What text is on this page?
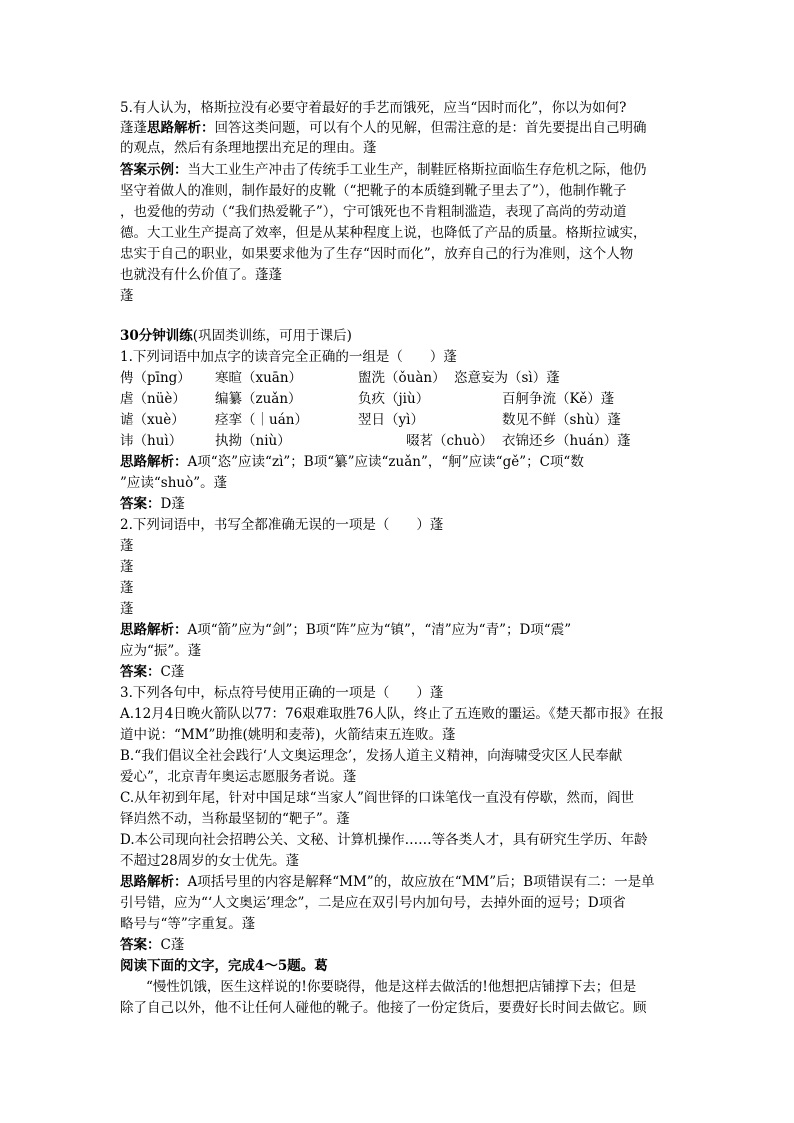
5.有人认为，格斯拉没有必要守着最好的手艺而饿死，应当“因时而化”，你以为如何?
蓬蓬思路解析：回答这类问题，可以有个人的见解，但需注意的是：首先要提出自己明确
的观点，然后有条理地摆出充足的理由。蓬
答案示例：当大工业生产冲击了传统手工业生产，制鞋匠格斯拉面临生存危机之际，他仍
坚守着做人的准则，制作最好的皮靴（“把靴子的本质缝到靴子里去了”），他制作靴子
，也爱他的劳动（“我们热爱靴子”），宁可饿死也不肯粗制滥造，表现了高尚的劳动道
德。大工业生产提高了效率，但是从某种程度上说，也降低了产品的质量。格斯拉诚实，
忠实于自己的职业，如果要求他为了生存“因时而化”，放弃自己的行为准则，这个人物
也就没有什么价值了。蓬蓬
蓬
30分钟训练(巩固类训练，可用于课后)
1.下列词语中加点字的读音完全正确的一组是（　　）蓬
俜（pīng） 寒暄（xuān）	盥洗（ǒuàn） 恣意妄为（sì）蓬
虐（nüè） 编纂（zuǎn）	负疚（jiù）	百舸争流（Kě）蓬
谑（xuè） 痉挛（｜uán）	翌日（yì）	数见不鲜（shù）蓬
讳（huì） 执拗（niù）	啜茗（chuò） 衣锦还乡（huán）蓬
思路解析：A项“恣”应读“zì”；B项“纂”应读“zuǎn”，“舸”应读“gě”；C项“数
”应读“shuò”。蓬
答案：D蓬
2.下列词语中，书写全都准确无误的一项是（　　）蓬
蓬
蓬
蓬
蓬
思路解析：A项“箭”应为“剑”；B项“阵”应为“镇”，“清”应为“青”；D项“震”
应为“振”。蓬
答案：C蓬
3.下列各句中，标点符号使用正确的一项是（　　）蓬
A.12月4日晚火箭队以77：76艰难取胜76人队，终止了五连败的噩运。《楚天都市报》在报
道中说：“MM”助推(姚明和麦蒂)，火箭结束五连败。蓬
B.“我们倡议全社会践行‘人文奥运理念’，发扬人道主义精神，向海啸受灾区人民奉献
爱心”，北京青年奥运志愿服务者说。蓬
C.从年初到年尾，针对中国足球“当家人”阎世铎的口诛笔伐一直没有停歇，然而，阎世
铎岿然不动，当称最坚韧的“靶子”。蓬
D.本公司现向社会招聘公关、文秘、计算机操作……等各类人才，具有研究生学历、年龄
不超过28周岁的女士优先。蓬
思路解析：A项括号里的内容是解释“MM”的，故应放在“MM”后；B项错误有二：一是单
引号错，应为“‘人文奥运’理念”，二是应在双引号内加句号，去掉外面的逗号；D项省
略号与“等”字重复。蓬
答案：C蓬
阅读下面的文字，完成4～5题。葛
“慢性饥饿，医生这样说的!你要晓得，他是这样去做活的!他想把店铺撑下去；但是
除了自己以外，他不让任何人碰他的靴子。他接了一份定货后，要费好长时间去做它。顾
